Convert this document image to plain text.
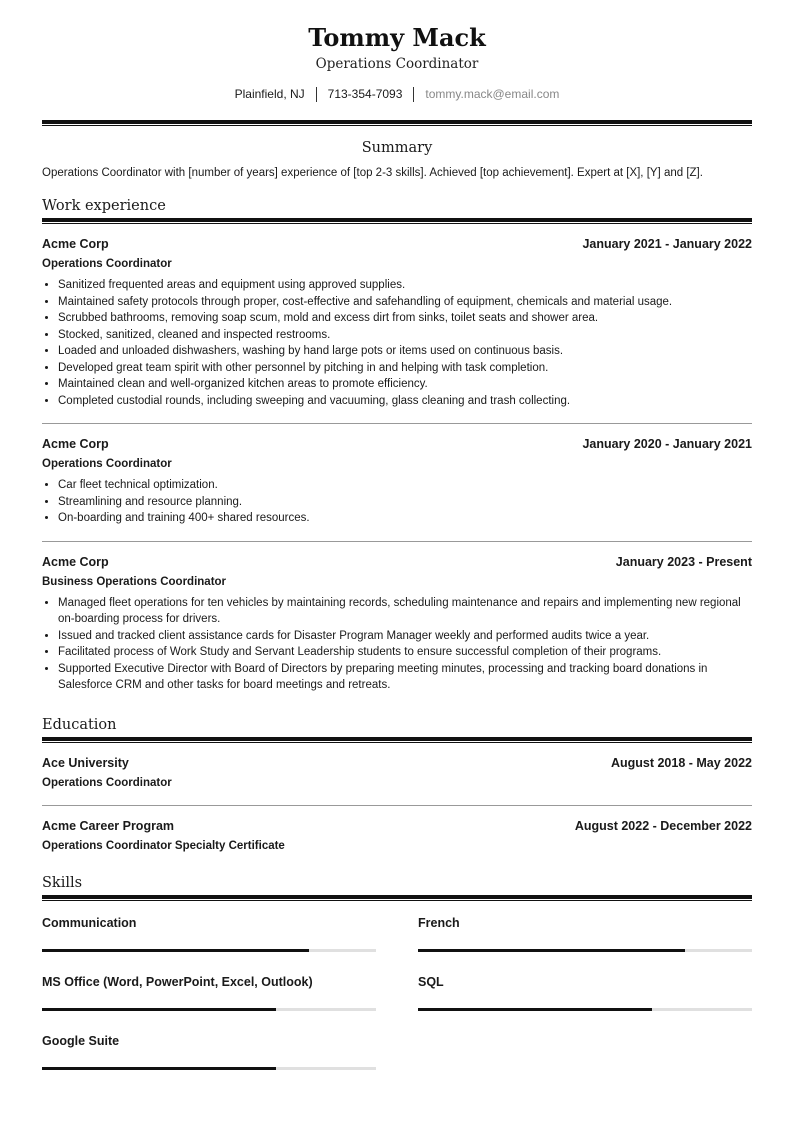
Tommy Mack
Operations Coordinator
Plainfield, NJ	713-354-7093	tommy.mack@email.com
Summary
Operations Coordinator with [number of years] experience of [top 2-3 skills]. Achieved [top achievement]. Expert at [X], [Y] and [Z].
Work experience
Acme Corp	January 2021 - January 2022
Operations Coordinator
• Sanitized frequented areas and equipment using approved supplies.
• Maintained safety protocols through proper, cost-effective and safehandling of equipment, chemicals and material usage.
• Scrubbed bathrooms, removing soap scum, mold and excess dirt from sinks, toilet seats and shower area.
• Stocked, sanitized, cleaned and inspected restrooms.
• Loaded and unloaded dishwashers, washing by hand large pots or items used on continuous basis.
• Developed great team spirit with other personnel by pitching in and helping with task completion.
• Maintained clean and well-organized kitchen areas to promote efficiency.
• Completed custodial rounds, including sweeping and vacuuming, glass cleaning and trash collecting.
Acme Corp	January 2020 - January 2021
Operations Coordinator
• Car fleet technical optimization.
• Streamlining and resource planning.
• On-boarding and training 400+ shared resources.
Acme Corp	January 2023 - Present
Business Operations Coordinator
• Managed fleet operations for ten vehicles by maintaining records, scheduling maintenance and repairs and implementing new regional on-boarding process for drivers.
• Issued and tracked client assistance cards for Disaster Program Manager weekly and performed audits twice a year.
• Facilitated process of Work Study and Servant Leadership students to ensure successful completion of their programs.
• Supported Executive Director with Board of Directors by preparing meeting minutes, processing and tracking board donations in Salesforce CRM and other tasks for board meetings and retreats.
Education
Ace University	August 2018 - May 2022
Operations Coordinator
Acme Career Program	August 2022 - December 2022
Operations Coordinator Specialty Certificate
Skills
Communication	French
MS Office (Word, PowerPoint, Excel, Outlook)	SQL
Google Suite
